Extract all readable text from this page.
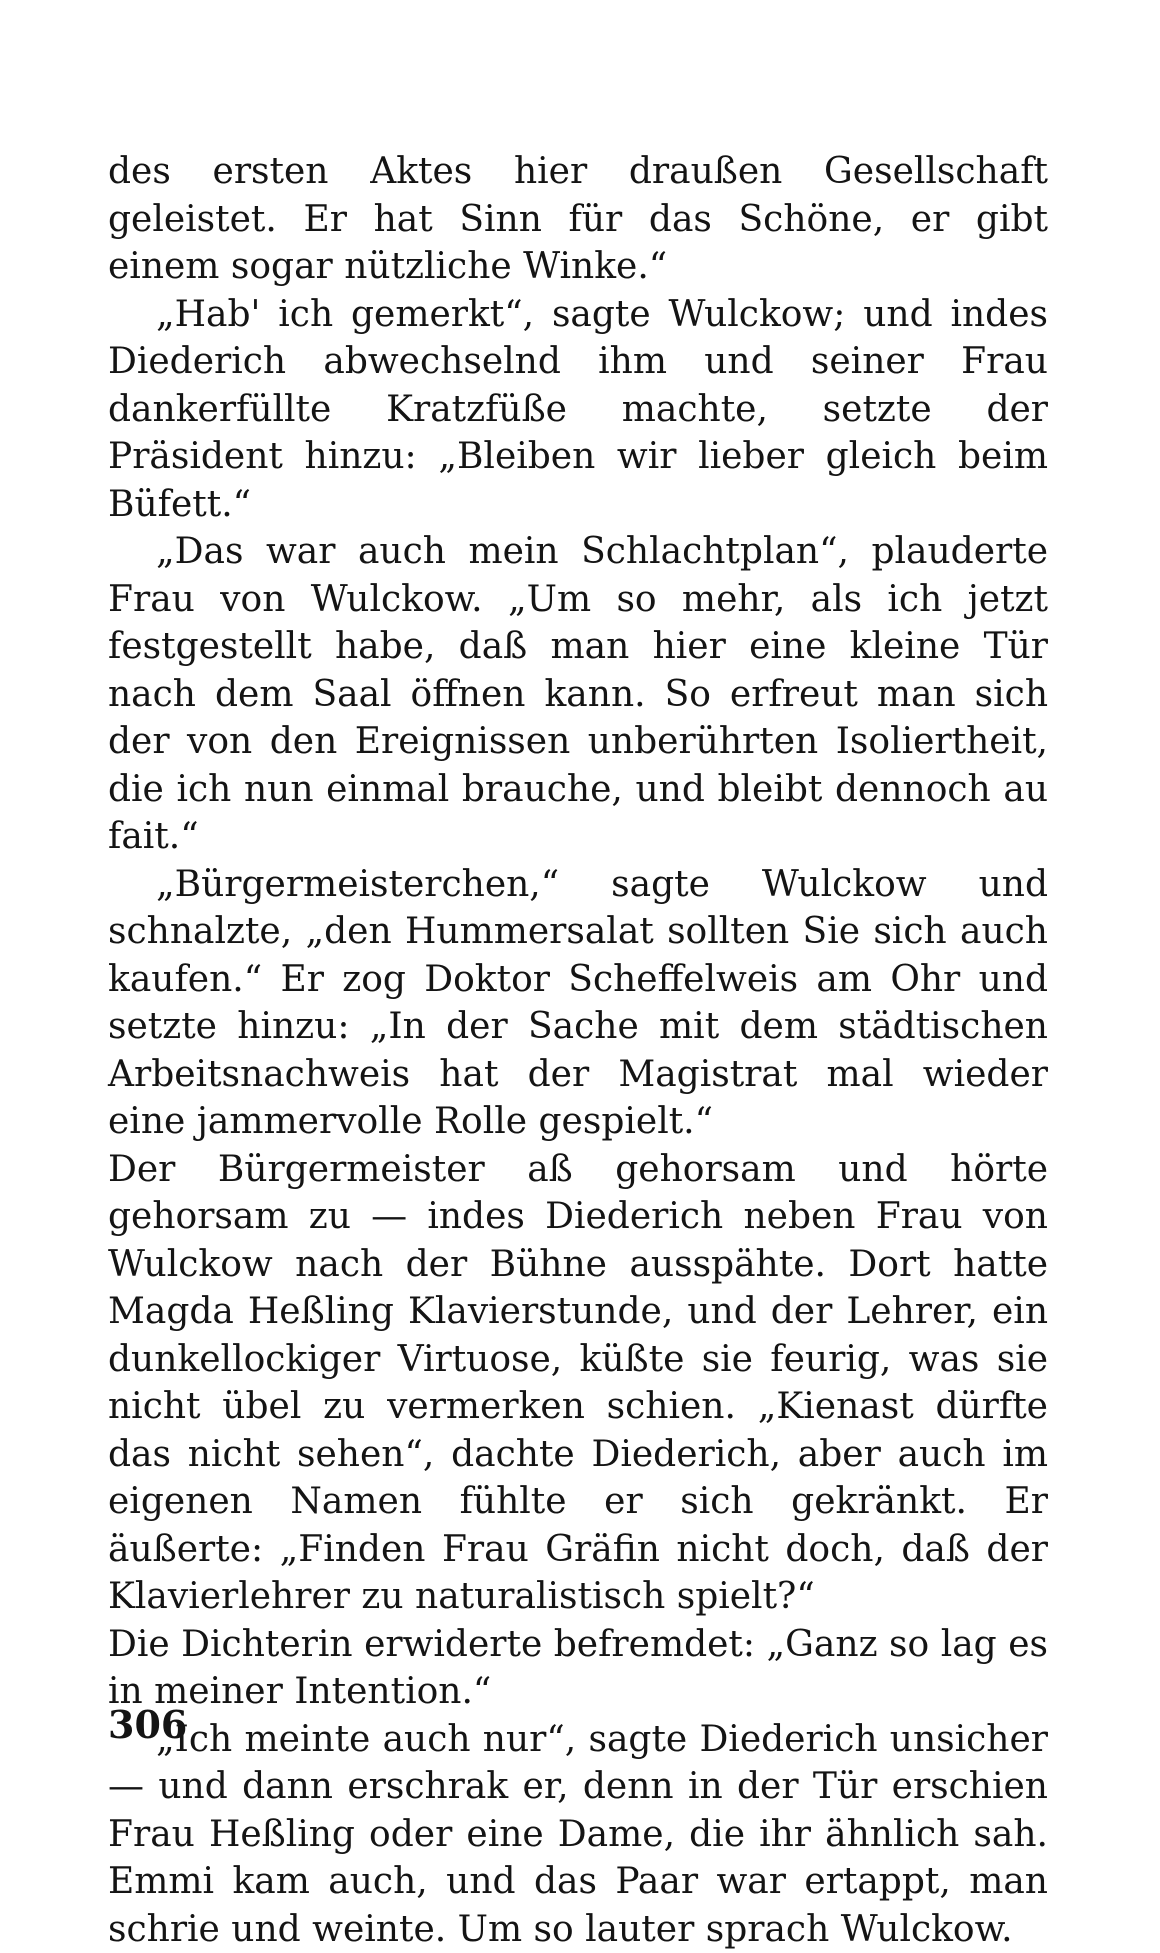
des ersten Aktes hier draußen Gesellschaft geleistet. Er hat Sinn für das Schöne, er gibt einem sogar nützliche Winke.“

„Hab' ich gemerkt“, sagte Wulckow; und indes Diederich abwechselnd ihm und seiner Frau dankerfüllte Kratzfüße machte, setzte der Präsident hinzu: „Bleiben wir lieber gleich beim Büfett.“

„Das war auch mein Schlachtplan“, plauderte Frau von Wulckow. „Um so mehr, als ich jetzt festgestellt habe, daß man hier eine kleine Tür nach dem Saal öffnen kann. So erfreut man sich der von den Ereignissen unberührten Isoliertheit, die ich nun einmal brauche, und bleibt dennoch au fait.“

„Bürgermeisterchen,“ sagte Wulckow und schnalzte, „den Hummersalat sollten Sie sich auch kaufen.“ Er zog Doktor Scheffelweis am Ohr und setzte hinzu: „In der Sache mit dem städtischen Arbeitsnachweis hat der Magistrat mal wieder eine jammervolle Rolle gespielt.“

Der Bürgermeister aß gehorsam und hörte gehorsam zu — indes Diederich neben Frau von Wulckow nach der Bühne ausspähte. Dort hatte Magda Heßling Klavierstunde, und der Lehrer, ein dunkellockiger Virtuose, küßte sie feurig, was sie nicht übel zu vermerken schien. „Kienast dürfte das nicht sehen“, dachte Diederich, aber auch im eigenen Namen fühlte er sich gekränkt. Er äußerte: „Finden Frau Gräfin nicht doch, daß der Klavierlehrer zu naturalistisch spielt?“

Die Dichterin erwiderte befremdet: „Ganz so lag es in meiner Intention.“

„Ich meinte auch nur“, sagte Diederich unsicher — und dann erschrak er, denn in der Tür erschien Frau Heßling oder eine Dame, die ihr ähnlich sah. Emmi kam auch, und das Paar war ertappt, man schrie und weinte. Um so lauter sprach Wulckow.

306
